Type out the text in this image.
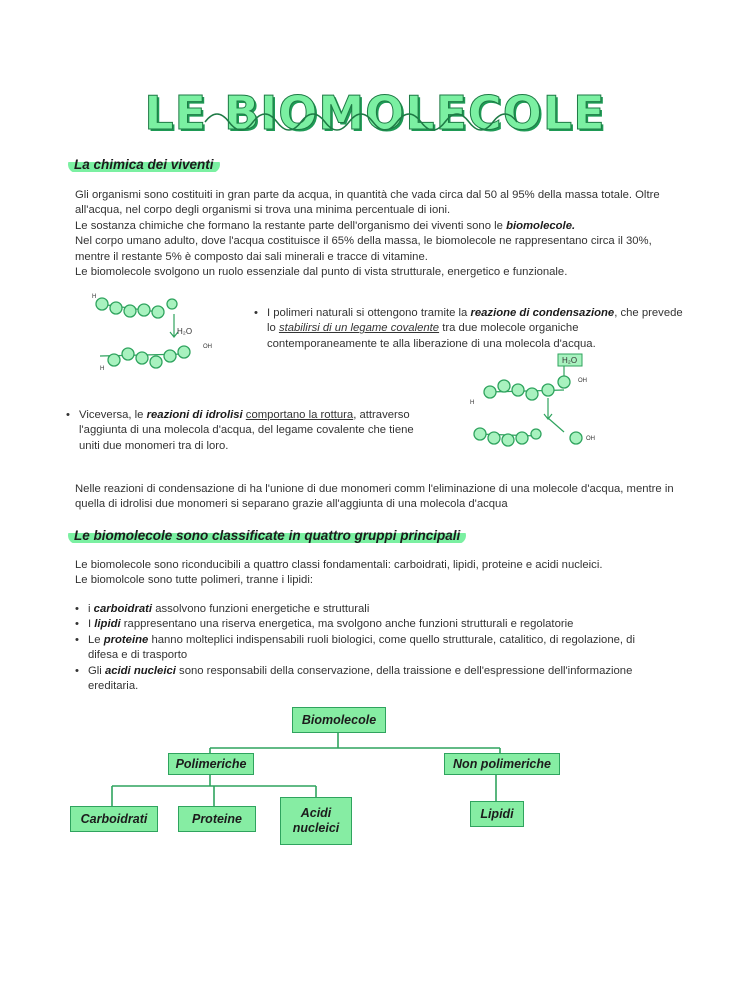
LE BIOMOLECOLE
La chimica dei viventi
Gli organismi sono costituiti in gran parte da acqua, in quantità che vada circa dal 50 al 95% della massa totale. Oltre all'acqua, nel corpo degli organismi si trova una minima percentuale di ioni.
Le sostanza chimiche che formano la restante parte dell'organismo dei viventi sono le biomolecole.
Nel corpo umano adulto, dove l'acqua costituisce il 65% della massa, le biomolecole ne rappresentano circa il 30%, mentre il restante 5% è composto dai sali minerali e tracce di vitamine.
Le biomolecole svolgono un ruolo essenziale dal punto di vista strutturale, energetico e funzionale.
H₂O
OH
H
H
• I polimeri naturali si ottengono tramite la reazione di condensazione, che prevede lo stabilirsi di un legame covalente tra due molecole organiche contemporaneamente te alla liberazione di una molecola d'acqua.
H₂O
OH
H
OH
• Viceversa, le reazioni di idrolisi comportano la rottura, attraverso l'aggiunta di una molecola d'acqua, del legame covalente che tiene uniti due monomeri tra di loro.
Nelle reazioni di condensazione di ha l'unione di due monomeri comm l'eliminazione di una molecole d'acqua, mentre in quella di idrolisi due monomeri si separano grazie all'aggiunta di una molecola d'acqua
Le biomolecole sono classificate in quattro gruppi principali
Le biomolecole sono riconducibili a quattro classi fondamentali: carboidrati, lipidi, proteine e acidi nucleici.
Le biomolcole sono tutte polimeri, tranne i lipidi:
• i carboidrati assolvono funzioni energetiche e strutturali
• I lipidi rappresentano una riserva energetica, ma svolgono anche funzioni strutturali e regolatorie
• Le proteine hanno molteplici indispensabili ruoli biologici, come quello strutturale, catalitico, di regolazione, di difesa e di trasporto
• Gli acidi nucleici sono responsabili della conservazione, della traissione e dell'espressione dell'informazione ereditaria.
Biomolecole
Polimeriche	Non polimeriche
Carboidrati	Proteine	Acidi nucleici
Lipidi
